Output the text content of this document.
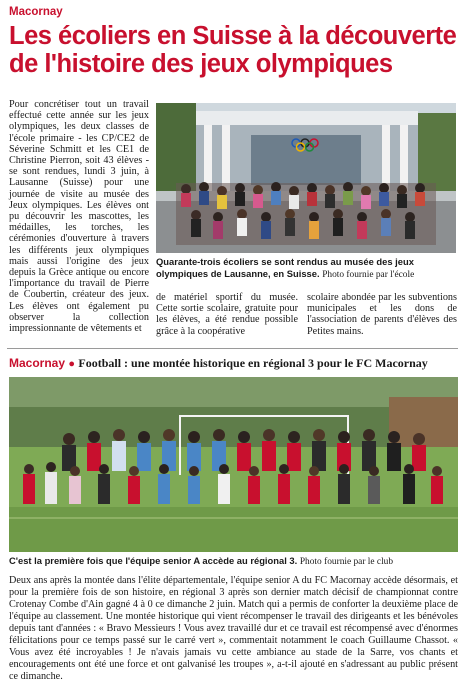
Macornay
Les écoliers en Suisse à la découverte de l'histoire des jeux olympiques
Pour concrétiser tout un travail effectué cette année sur les jeux olympiques, les deux classes de l'école primaire - les CP/CE2 de Séverine Schmitt et les CE1 de Christine Pierron, soit 43 élèves - se sont rendues, lundi 3 juin, à Lausanne (Suisse) pour une journée de visite au musée des Jeux olympiques. Les élèves ont pu découvrir les mascottes, les médailles, les torches, les cérémonies d'ouverture à travers les différents jeux olympiques mais aussi l'origine des jeux depuis la Grèce antique ou encore l'importance du travail de Pierre de Coubertin, créateur des jeux. Les élèves ont également pu observer la collection impressionnante de vêtements et
Quarante-trois écoliers se sont rendus au musée des jeux olympiques de Lausanne, en Suisse. Photo fournie par l'école
de matériel sportif du musée. Cette sortie scolaire, gratuite pour les élèves, a été rendue possible grâce à la coopérative
scolaire abondée par les subventions municipales et les dons de l'association de parents d'élèves des Petites mains.
Macornay ● Football : une montée historique en régional 3 pour le FC Macornay
C'est la première fois que l'équipe senior A accède au régional 3. Photo fournie par le club
Deux ans après la montée dans l'élite départementale, l'équipe senior A du FC Macornay accède désormais, et pour la première fois de son histoire, en régional 3 après son dernier match décisif de championnat contre Crotenay Combe d'Ain gagné 4 à 0 ce dimanche 2 juin. Match qui a permis de conforter la deuxième place de l'équipe au classement. Une montée historique qui vient récompenser le travail des dirigeants et les bénévoles depuis tant d'années : « Bravo Messieurs ! Vous avez travaillé dur et ce travail est récompensé avec d'énormes félicitations pour ce temps passé sur le carré vert », commentait notamment le coach Guillaume Chassot. « Vous avez été incroyables ! Je n'avais jamais vu cette ambiance au stade de la Sarre, vos chants et encouragements ont été une force et ont galvanisé les troupes », a-t-il ajouté en s'adressant au public présent ce dimanche.
